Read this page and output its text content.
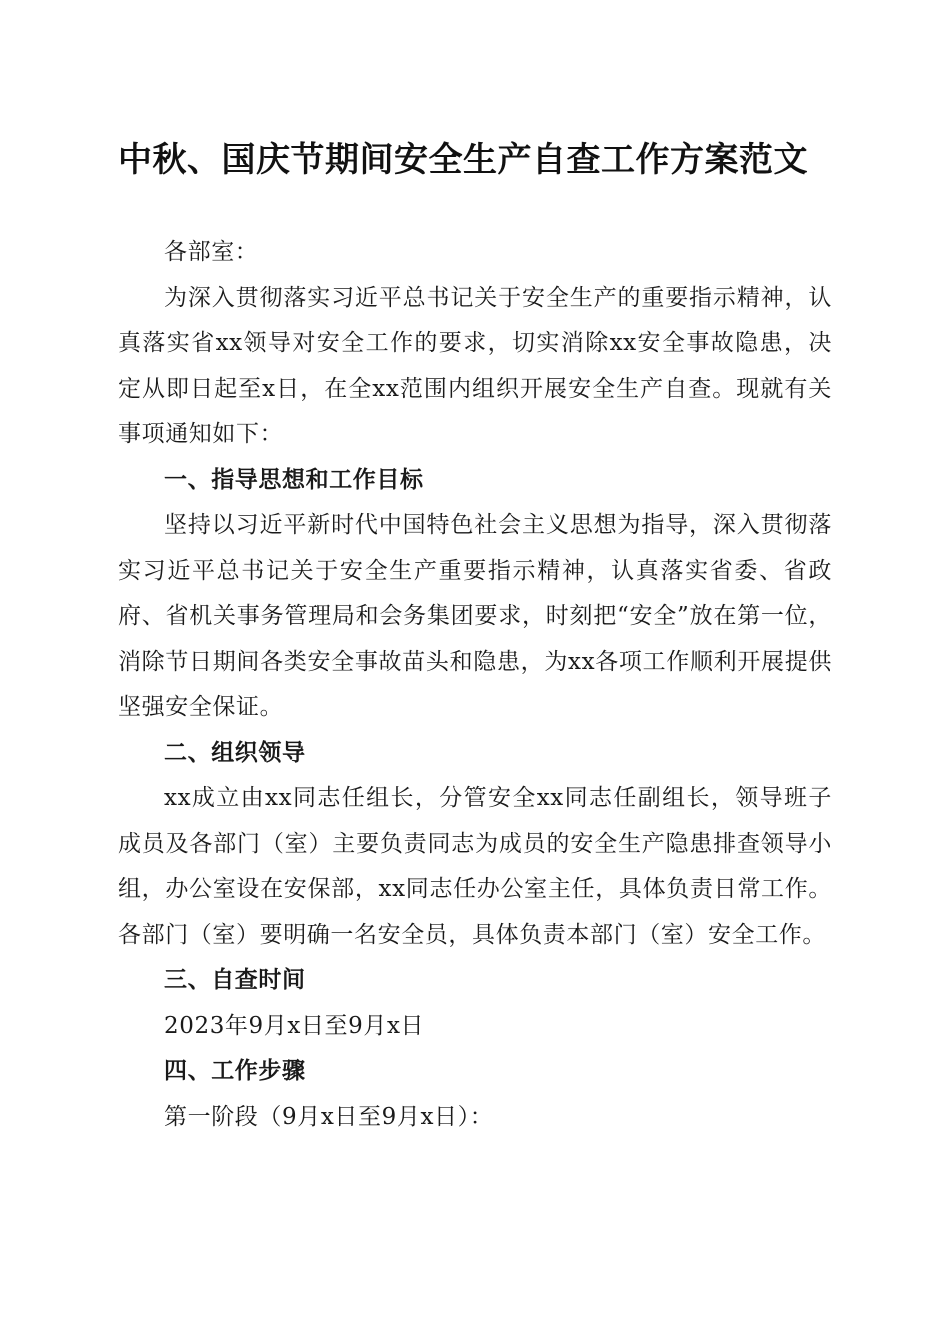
中秋、国庆节期间安全生产自查工作方案范文

各部室：

为深入贯彻落实习近平总书记关于安全生产的重要指示精神，认真落实省xx领导对安全工作的要求，切实消除xx安全事故隐患，决定从即日起至x日，在全xx范围内组织开展安全生产自查。现就有关事项通知如下：

一、指导思想和工作目标

坚持以习近平新时代中国特色社会主义思想为指导，深入贯彻落实习近平总书记关于安全生产重要指示精神，认真落实省委、省政府、省机关事务管理局和会务集团要求，时刻把“安全”放在第一位，消除节日期间各类安全事故苗头和隐患，为xx各项工作顺利开展提供坚强安全保证。

二、组织领导

xx成立由xx同志任组长，分管安全xx同志任副组长，领导班子成员及各部门（室）主要负责同志为成员的安全生产隐患排查领导小组，办公室设在安保部，xx同志任办公室主任，具体负责日常工作。各部门（室）要明确一名安全员，具体负责本部门（室）安全工作。

三、自查时间

2023年9月x日至9月x日

四、工作步骤

第一阶段（9月x日至9月x日）：
